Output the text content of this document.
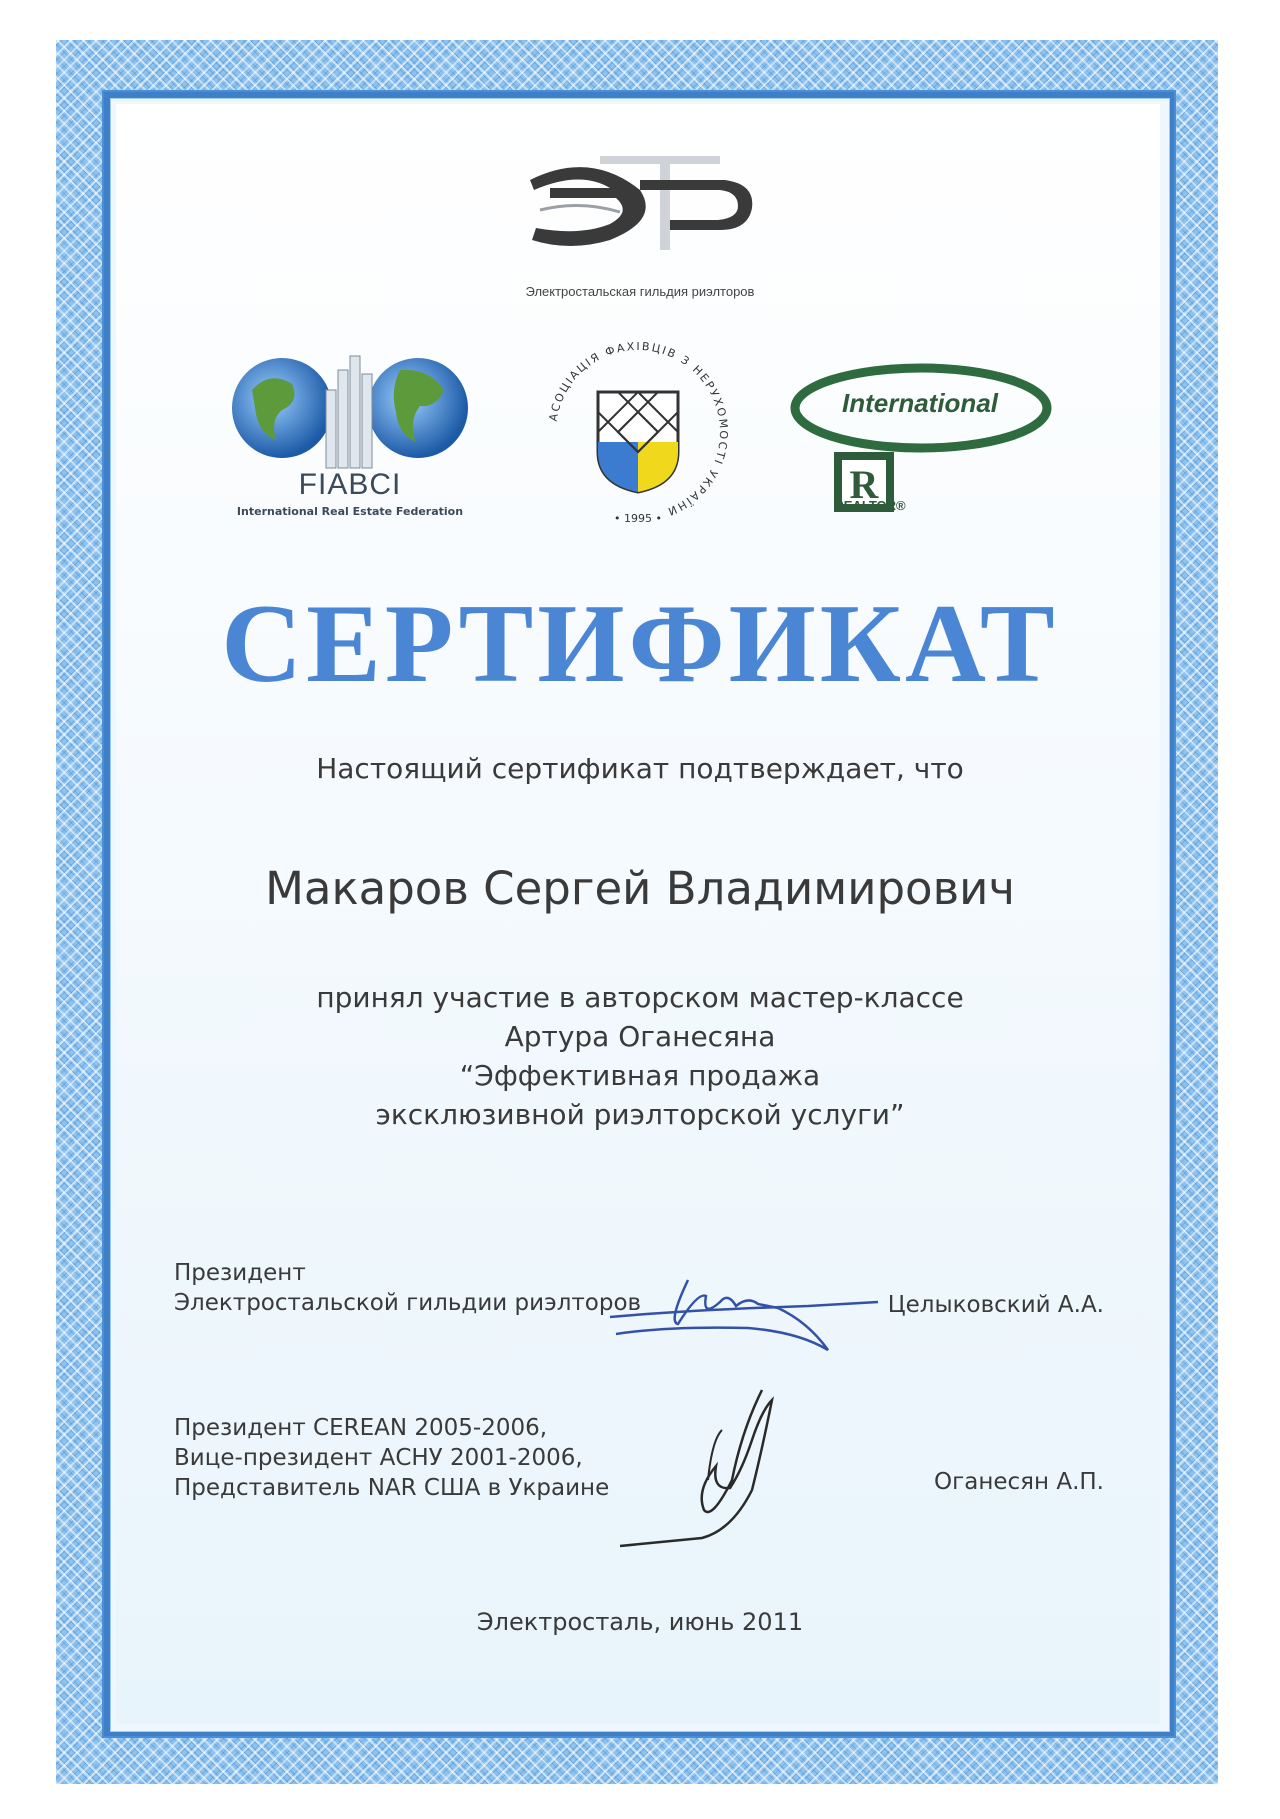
Электростальская гильдия риэлторов
FIABCI
International Real Estate Federation
АСОЦІАЦІЯ ФАХІВЦІВ З НЕРУХОМОСТІ УКРАЇНИ
• 1995 •
R
International
REALTOR®
СЕРТИФИКАТ
Настоящий сертификат подтверждает, что
Макаров Сергей Владимирович
принял участие в авторском мастер-классе
Артура Оганесяна
“Эффективная продажа
эксклюзивной риэлторской услуги”
Президент
Электростальской гильдии риэлторов	Целыковский А.А.
Президент CEREAN 2005-2006,
Вице-президент АСНУ 2001-2006,
Представитель NAR США в Украине	Оганесян А.П.
Электросталь, июнь 2011
